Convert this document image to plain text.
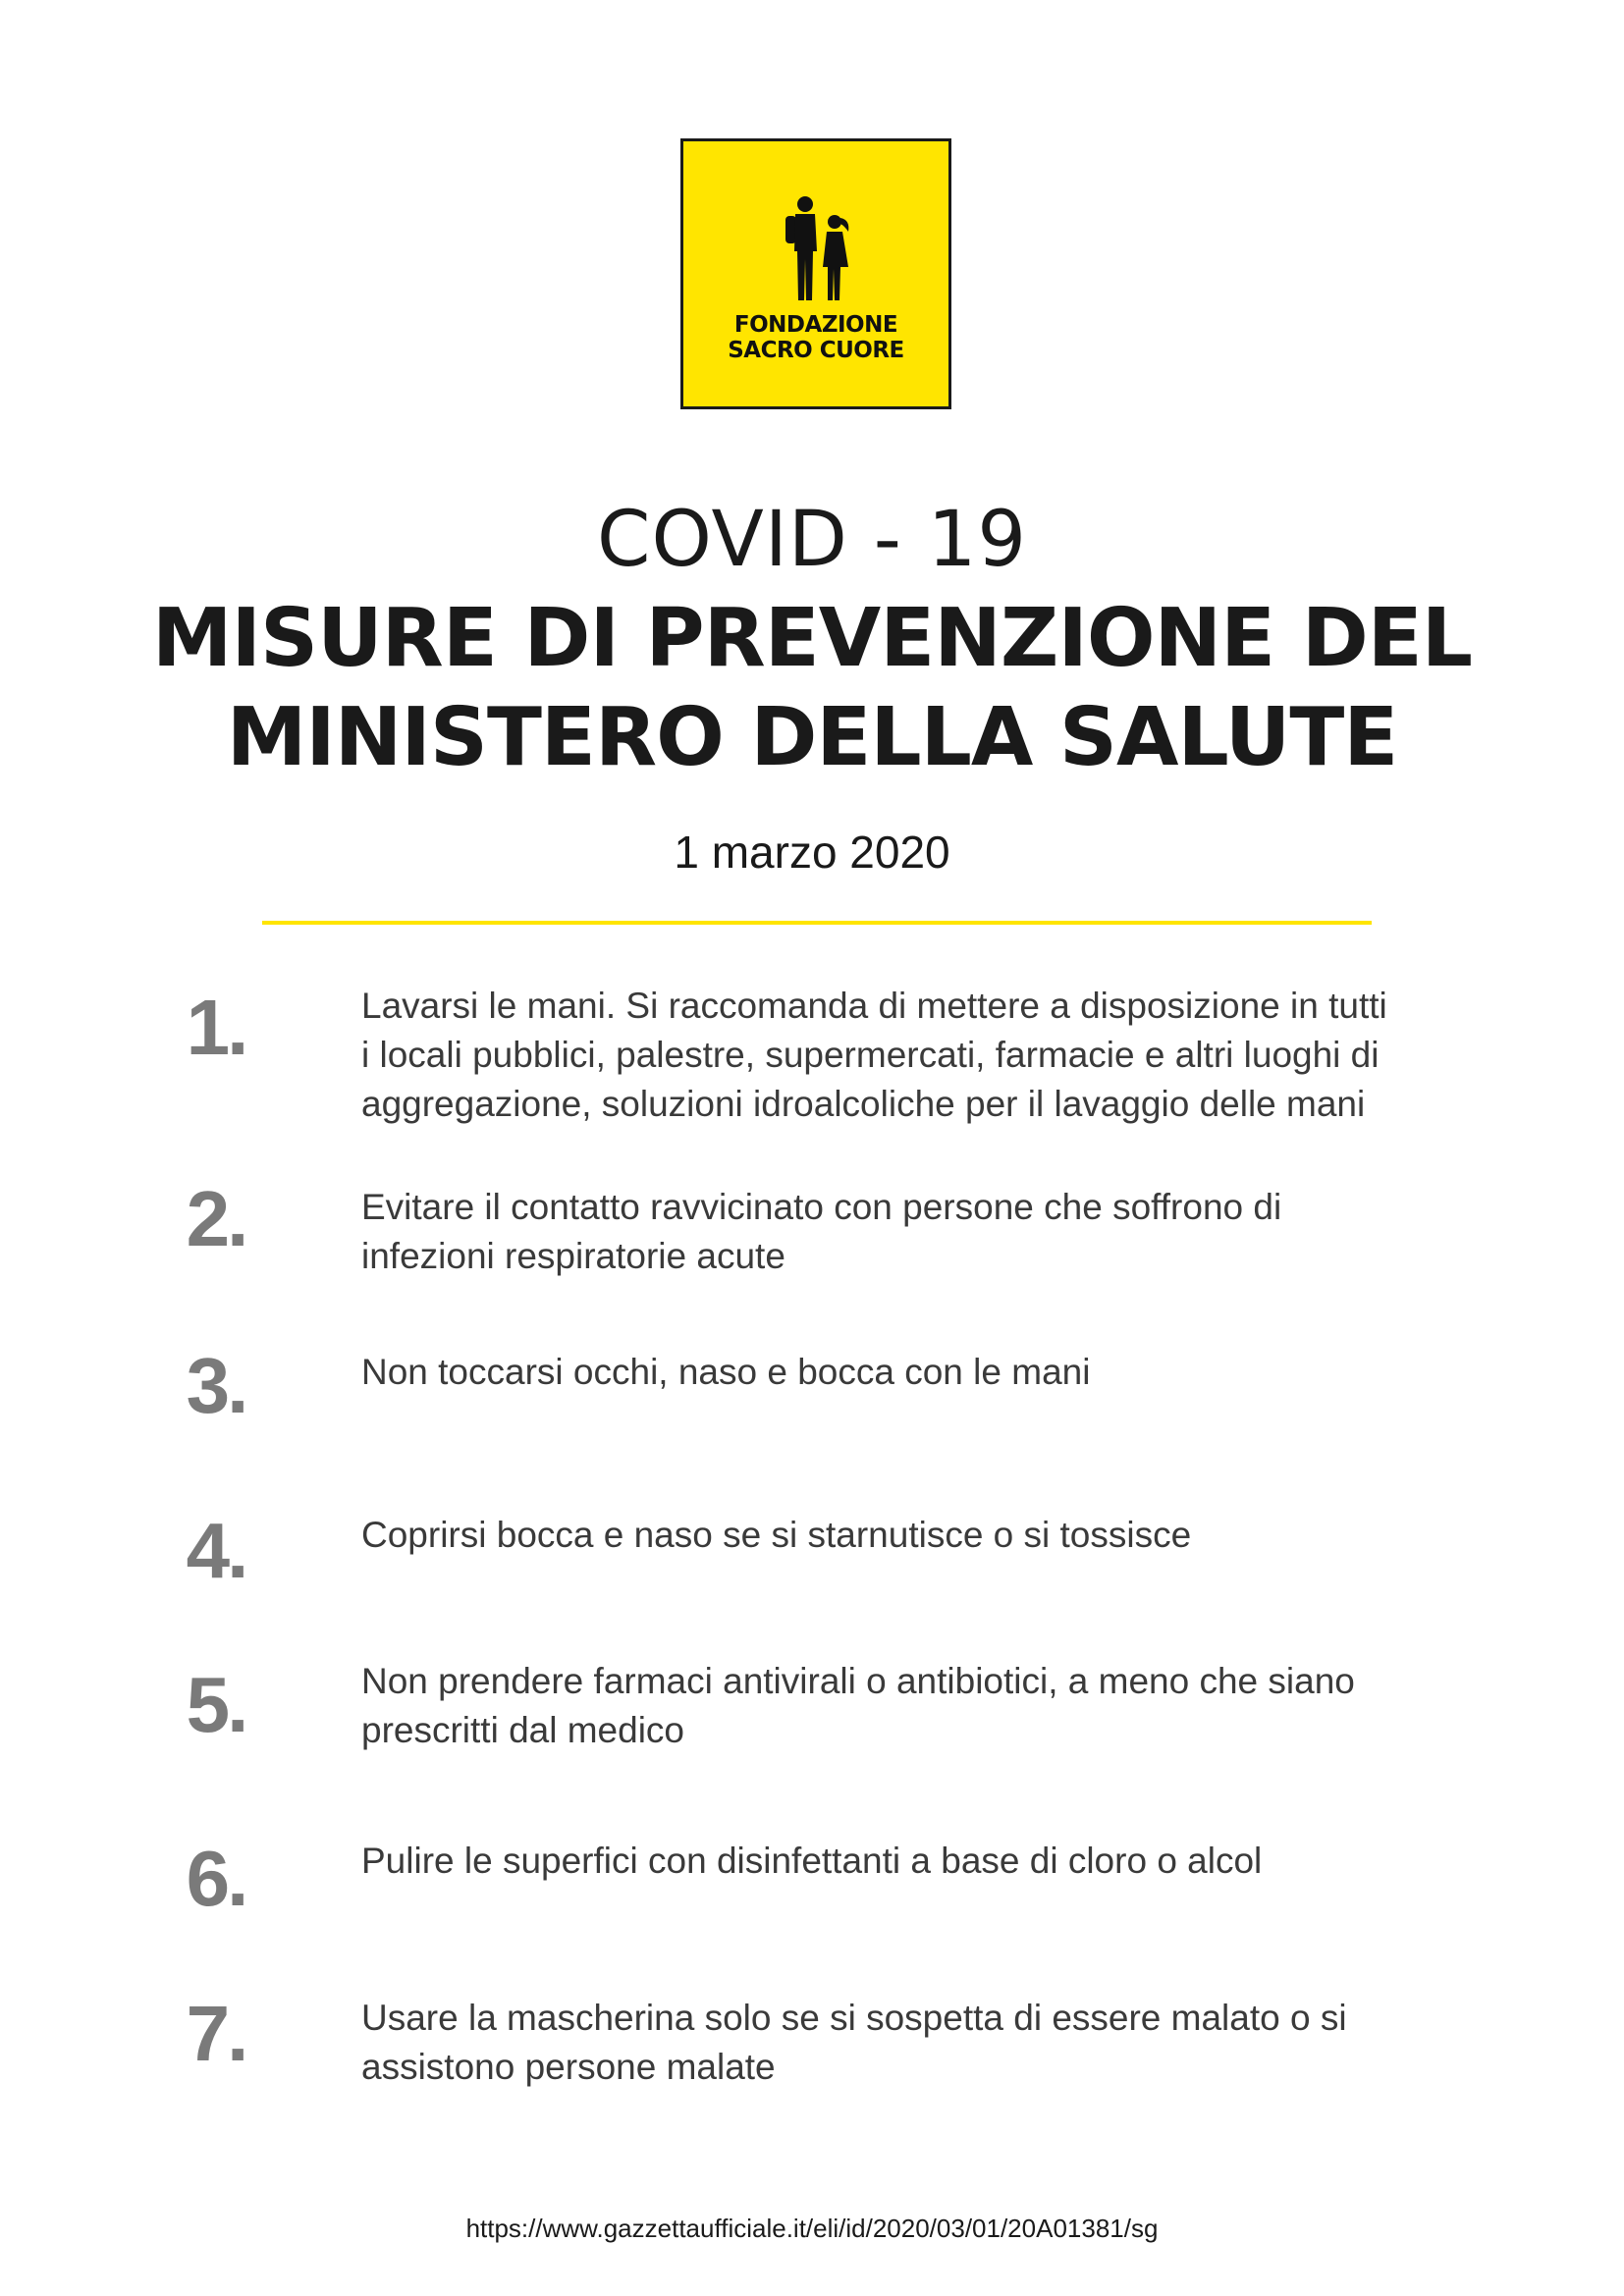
FONDAZIONE
SACRO CUORE
COVID - 19
MISURE DI PREVENZIONE DEL
MINISTERO DELLA SALUTE
1 marzo 2020
1.	Lavarsi le mani. Si raccomanda di mettere a disposizione in tutti
i locali pubblici, palestre, supermercati, farmacie e altri luoghi di
aggregazione, soluzioni idroalcoliche per il lavaggio delle mani
2.	Evitare il contatto ravvicinato con persone che soffrono di
infezioni respiratorie acute
3.	Non toccarsi occhi, naso e bocca con le mani
4.	Coprirsi bocca e naso se si starnutisce o si tossisce
5.	Non prendere farmaci antivirali o antibiotici, a meno che siano
prescritti dal medico
6.	Pulire le superfici con disinfettanti a base di cloro o alcol
7.	Usare la mascherina solo se si sospetta di essere malato o si
assistono persone malate
https://www.gazzettaufficiale.it/eli/id/2020/03/01/20A01381/sg
